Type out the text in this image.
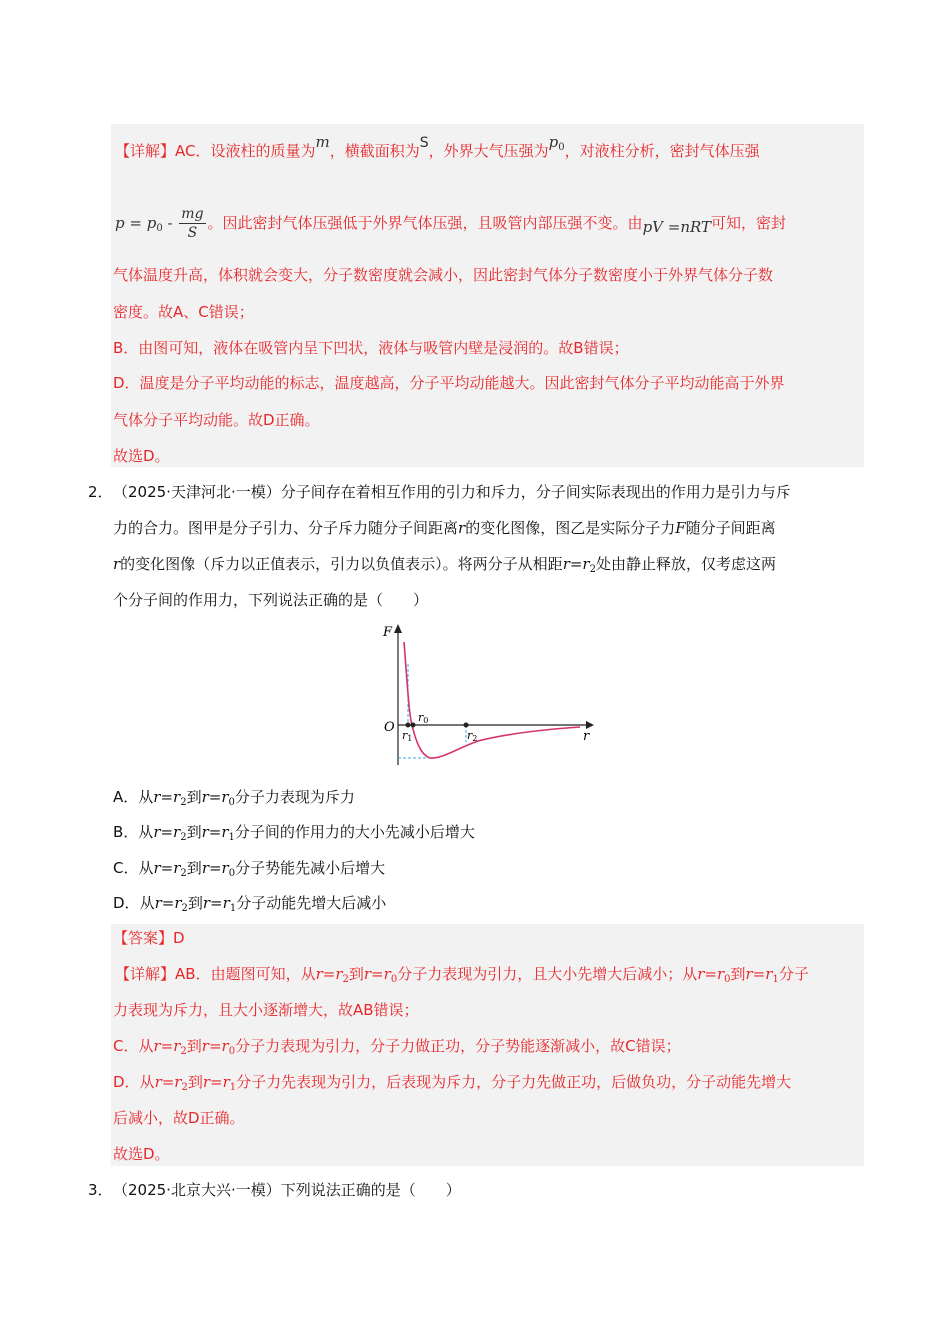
【详解】AC．设液柱的质量为m，横截面积为S，外界大气压强为$p_0$，对液柱分析，密封气体压强
$p = p_0 - \frac{mg}{S}$ 。因此密封气体压强低于外界气体压强，且吸管内部压强不变。由pV =nRT可知，密封
气体温度升高，体积就会变大，分子数密度就会减小，因此密封气体分子数密度小于外界气体分子数
密度。故A、C错误；
B．由图可知，液体在吸管内呈下凹状，液体与吸管内壁是浸润的。故B错误；
D．温度是分子平均动能的标志，温度越高，分子平均动能越大。因此密封气体分子平均动能高于外界
气体分子平均动能。故D正确。
故选D。
2． （2025·天津河北·一模）分子间存在着相互作用的引力和斥力，分子间实际表现出的作用力是引力与斥
力的合力。图甲是分子引力、分子斥力随分子间距离r的变化图像，图乙是实际分子力F随分子间距离
r的变化图像（斥力以正值表示，引力以负值表示）。将两分子从相距$r=r_2$处由静止释放，仅考虑这两
个分子间的作用力，下列说法正确的是（　　）
F
O
r
r0
r1	r2
A．从$r=r_2$到$r=r_0$分子力表现为斥力
B．从$r=r_2$到$r=r_1$分子间的作用力的大小先减小后增大
C．从$r=r_2$到$r=r_0$分子势能先减小后增大
D．从$r=r_2$到$r=r_1$分子动能先增大后减小
【答案】D
【详解】AB．由题图可知，从$r=r_2$到$r=r_0$分子力表现为引力，且大小先增大后减小；从$r=r_0$到$r=r_1$分子
力表现为斥力，且大小逐渐增大，故AB错误；
C．从$r=r_2$到$r=r_0$分子力表现为引力，分子力做正功，分子势能逐渐减小，故C错误；
D．从$r=r_2$到$r=r_1$分子力先表现为引力，后表现为斥力，分子力先做正功，后做负功，分子动能先增大
后减小，故D正确。
故选D。
3． （2025·北京大兴·一模）下列说法正确的是（　　）
